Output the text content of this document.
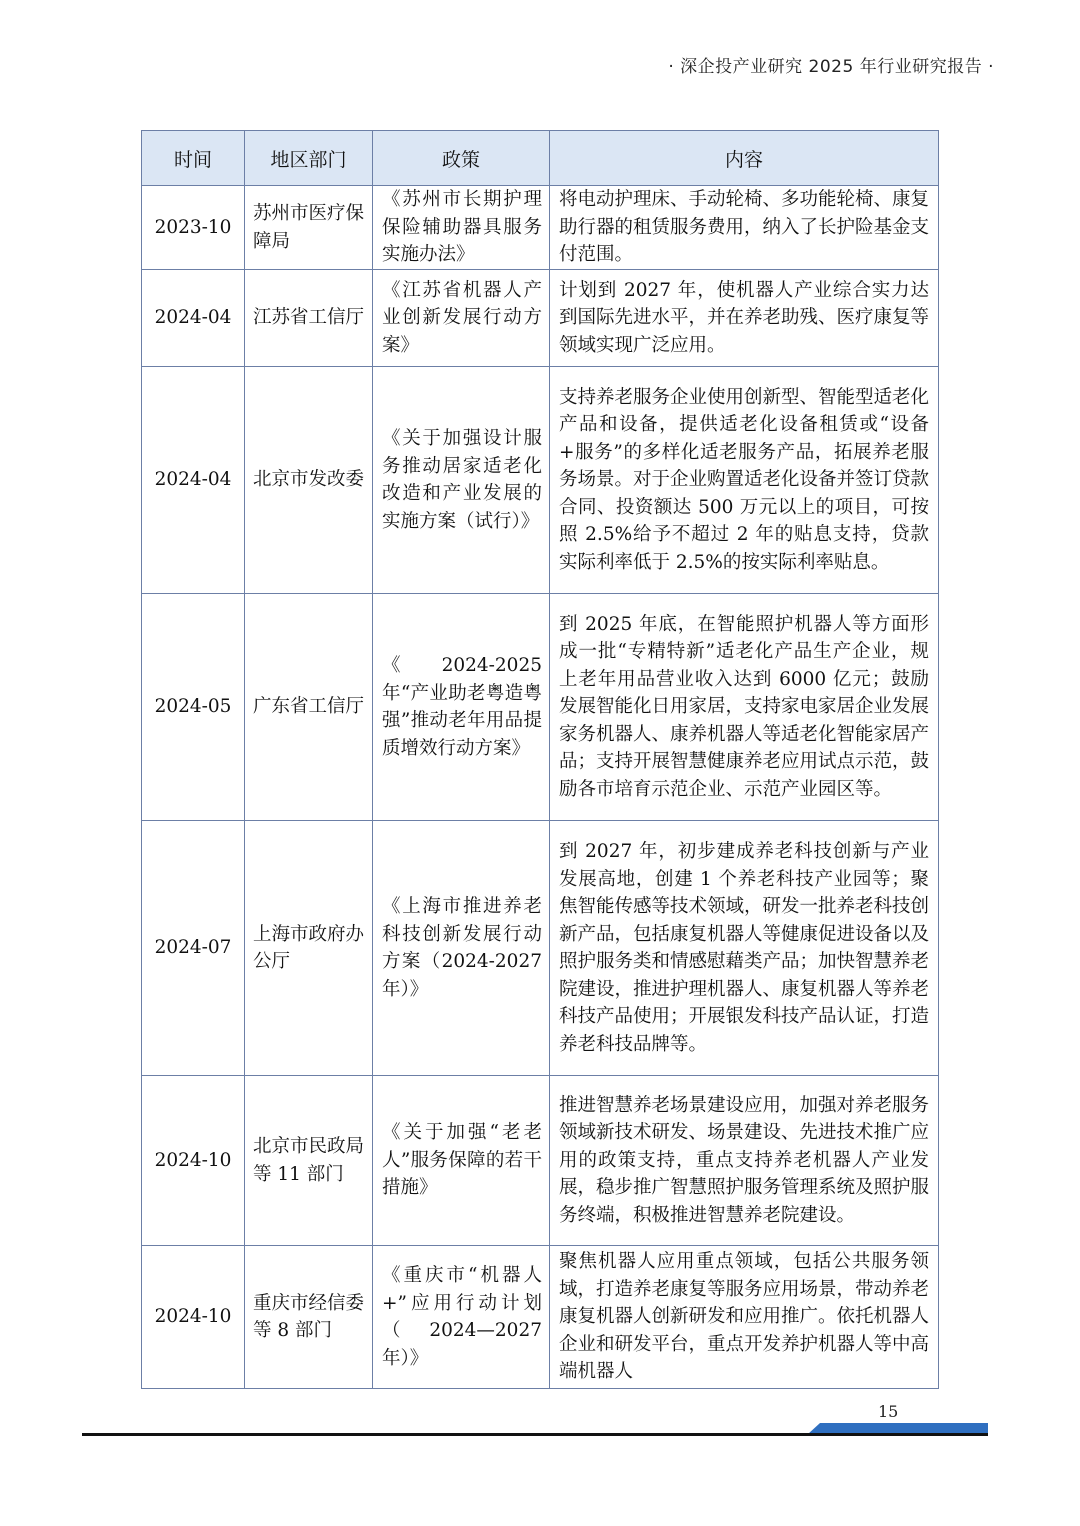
· 深企投产业研究 2025 年行业研究报告 ·
时间	地区部门	政策	内容
2023-10	苏州市医疗保障局	《苏州市长期护理保险辅助器具服务实施办法》	将电动护理床、手动轮椅、多功能轮椅、康复助行器的租赁服务费用，纳入了长护险基金支付范围。
2024-04	江苏省工信厅	《江苏省机器人产业创新发展行动方案》	计划到 2027 年，使机器人产业综合实力达到国际先进水平，并在养老助残、医疗康复等领域实现广泛应用。
2024-04	北京市发改委	《关于加强设计服务推动居家适老化改造和产业发展的实施方案（试行）》	支持养老服务企业使用创新型、智能型适老化产品和设备，提供适老化设备租赁或“设备+服务”的多样化适老服务产品，拓展养老服务场景。对于企业购置适老化设备并签订贷款合同、投资额达 500 万元以上的项目，可按照 2.5%给予不超过 2 年的贴息支持，贷款实际利率低于 2.5%的按实际利率贴息。
2024-05	广东省工信厅	《 2024-2025 年“产业助老粤造粤强”推动老年用品提质增效行动方案》	到 2025 年底，在智能照护机器人等方面形成一批“专精特新”适老化产品生产企业，规上老年用品营业收入达到 6000 亿元；鼓励发展智能化日用家居，支持家电家居企业发展家务机器人、康养机器人等适老化智能家居产品；支持开展智慧健康养老应用试点示范，鼓励各市培育示范企业、示范产业园区等。
2024-07	上海市政府办公厅	《上海市推进养老科技创新发展行动方案（2024-2027 年）》	到 2027 年，初步建成养老科技创新与产业发展高地，创建 1 个养老科技产业园等；聚焦智能传感等技术领域，研发一批养老科技创新产品，包括康复机器人等健康促进设备以及照护服务类和情感慰藉类产品；加快智慧养老院建设，推进护理机器人、康复机器人等养老科技产品使用；开展银发科技产品认证，打造养老科技品牌等。
2024-10	北京市民政局等 11 部门	《关于加强“老老人”服务保障的若干措施》	推进智慧养老场景建设应用，加强对养老服务领域新技术研发、场景建设、先进技术推广应用的政策支持，重点支持养老机器人产业发展，稳步推广智慧照护服务管理系统及照护服务终端，积极推进智慧养老院建设。
2024-10	重庆市经信委等 8 部门	《重庆市“机器人+”应用行动计划（2024—2027 年）》	聚焦机器人应用重点领域，包括公共服务领域，打造养老康复等服务应用场景，带动养老康复机器人创新研发和应用推广。依托机器人企业和研发平台，重点开发养护机器人等中高端机器人
15
